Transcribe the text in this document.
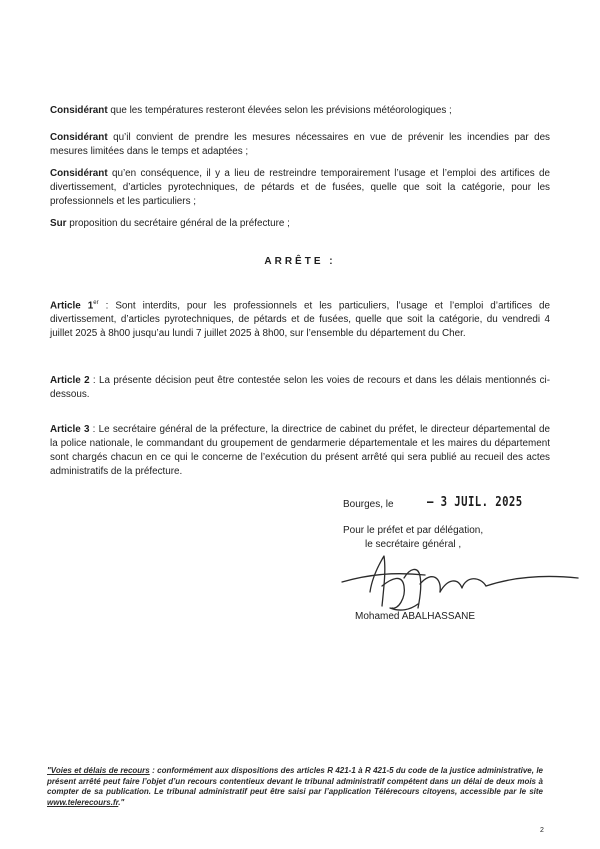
Considérant que les températures resteront élevées selon les prévisions météorologiques ;
Considérant qu’il convient de prendre les mesures nécessaires en vue de prévenir les incendies par des mesures limitées dans le temps et adaptées ;
Considérant qu’en conséquence, il y a lieu de restreindre temporairement l’usage et l’emploi des artifices de divertissement, d’articles pyrotechniques, de pétards et de fusées, quelle que soit la catégorie, pour les professionnels et les particuliers ;
Sur proposition du secrétaire général de la préfecture ;
ARRÊTE :
Article 1er : Sont interdits, pour les professionnels et les particuliers, l’usage et l’emploi d’artifices de divertissement, d’articles pyrotechniques, de pétards et de fusées, quelle que soit la catégorie, du vendredi 4 juillet 2025 à 8h00 jusqu’au lundi 7 juillet 2025 à 8h00, sur l’ensemble du département du Cher.
Article 2 : La présente décision peut être contestée selon les voies de recours et dans les délais mentionnés ci-dessous.
Article 3 : Le secrétaire général de la préfecture, la directrice de cabinet du préfet, le directeur départemental de la police nationale, le commandant du groupement de gendarmerie départementale et les maires du département sont chargés chacun en ce qui le concerne de l’exécution du présent arrêté qui sera publié au recueil des actes administratifs de la préfecture.
Bourges, le	– 3 JUIL. 2025
Pour le préfet et par délégation,
le secrétaire général ,
Mohamed ABALHASSANE
"Voies et délais de recours : conformément aux dispositions des articles R 421-1 à R 421-5 du code de la justice administrative, le présent arrêté peut faire l’objet d’un recours contentieux devant le tribunal administratif compétent dans un délai de deux mois à compter de sa publication. Le tribunal administratif peut être saisi par l’application Télérecours citoyens, accessible par le site www.telerecours.fr."
2
